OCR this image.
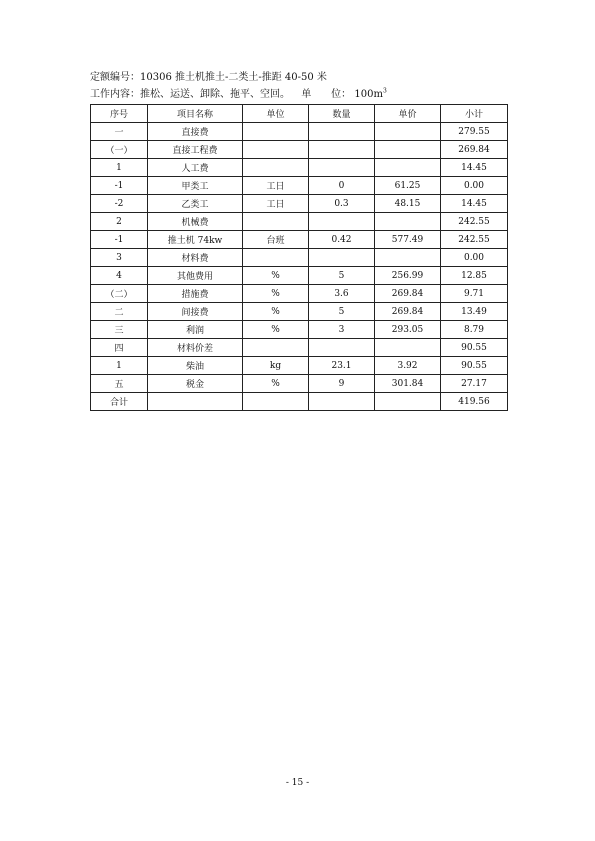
定额编号：10306 推土机推土-二类土-推距 40-50 米
工作内容：推松、运送、卸除、拖平、空回。 单　　位： $100m^3$
序号	项目名称	单位	数量	单价	小计
一	直接费				279.55
（一）	直接工程费				269.84
1	人工费				14.45
-1	甲类工	工日	0	61.25	0.00
-2	乙类工	工日	0.3	48.15	14.45
2	机械费				242.55
-1	推土机 74kw	台班	0.42	577.49	242.55
3	材料费				0.00
4	其他费用	%	5	256.99	12.85
（二）	措施费	%	3.6	269.84	9.71
二	间接费	%	5	269.84	13.49
三	利润	%	3	293.05	8.79
四	材料价差				90.55
1	柴油	kg	23.1	3.92	90.55
五	税金	%	9	301.84	27.17
合计					419.56
- 15 -
